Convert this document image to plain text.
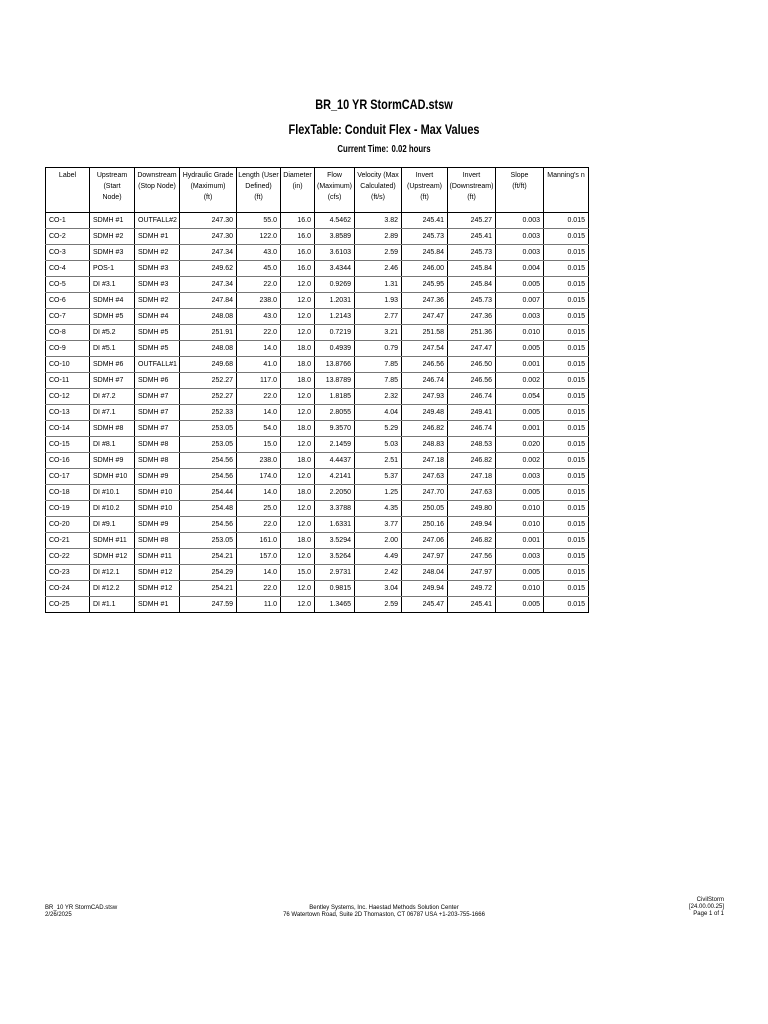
BR_10 YR StormCAD.stsw
FlexTable: Conduit Flex - Max Values
Current Time: 0.02 hours
Label	Upstream (Start
Node)	Downstream
(Stop Node)	Hydraulic Grade
(Maximum)
(ft)	Length (User
Defined)
(ft)	Diameter
(in)	Flow
(Maximum)
(cfs)	Velocity (Max
Calculated)
(ft/s)	Invert
(Upstream)
(ft)	Invert
(Downstream)
(ft)	Slope
(ft/ft)	Manning's n

CO-1	SDMH #1	OUTFALL#2	247.30	55.0	16.0	4.5462	3.82	245.41	245.27	0.003	0.015
CO-2	SDMH #2	SDMH #1	247.30	122.0	16.0	3.8589	2.89	245.73	245.41	0.003	0.015
CO-3	SDMH #3	SDMH #2	247.34	43.0	16.0	3.6103	2.59	245.84	245.73	0.003	0.015
CO-4	POS-1	SDMH #3	249.62	45.0	16.0	3.4344	2.46	246.00	245.84	0.004	0.015
CO-5	DI #3.1	SDMH #3	247.34	22.0	12.0	0.9269	1.31	245.95	245.84	0.005	0.015
CO-6	SDMH #4	SDMH #2	247.84	238.0	12.0	1.2031	1.93	247.36	245.73	0.007	0.015
CO-7	SDMH #5	SDMH #4	248.08	43.0	12.0	1.2143	2.77	247.47	247.36	0.003	0.015
CO-8	DI #5.2	SDMH #5	251.91	22.0	12.0	0.7219	3.21	251.58	251.36	0.010	0.015
CO-9	DI #5.1	SDMH #5	248.08	14.0	18.0	0.4939	0.79	247.54	247.47	0.005	0.015
CO-10	SDMH #6	OUTFALL#1	249.68	41.0	18.0	13.8766	7.85	246.56	246.50	0.001	0.015
CO-11	SDMH #7	SDMH #6	252.27	117.0	18.0	13.8789	7.85	246.74	246.56	0.002	0.015
CO-12	DI #7.2	SDMH #7	252.27	22.0	12.0	1.8185	2.32	247.93	246.74	0.054	0.015
CO-13	DI #7.1	SDMH #7	252.33	14.0	12.0	2.8055	4.04	249.48	249.41	0.005	0.015
CO-14	SDMH #8	SDMH #7	253.05	54.0	18.0	9.3570	5.29	246.82	246.74	0.001	0.015
CO-15	DI #8.1	SDMH #8	253.05	15.0	12.0	2.1459	5.03	248.83	248.53	0.020	0.015
CO-16	SDMH #9	SDMH #8	254.56	238.0	18.0	4.4437	2.51	247.18	246.82	0.002	0.015
CO-17	SDMH #10	SDMH #9	254.56	174.0	12.0	4.2141	5.37	247.63	247.18	0.003	0.015
CO-18	DI #10.1	SDMH #10	254.44	14.0	18.0	2.2050	1.25	247.70	247.63	0.005	0.015
CO-19	DI #10.2	SDMH #10	254.48	25.0	12.0	3.3788	4.35	250.05	249.80	0.010	0.015
CO-20	DI #9.1	SDMH #9	254.56	22.0	12.0	1.6331	3.77	250.16	249.94	0.010	0.015
CO-21	SDMH #11	SDMH #8	253.05	161.0	18.0	3.5294	2.00	247.06	246.82	0.001	0.015
CO-22	SDMH #12	SDMH #11	254.21	157.0	12.0	3.5264	4.49	247.97	247.56	0.003	0.015
CO-23	DI #12.1	SDMH #12	254.29	14.0	15.0	2.9731	2.42	248.04	247.97	0.005	0.015
CO-24	DI #12.2	SDMH #12	254.21	22.0	12.0	0.9815	3.04	249.94	249.72	0.010	0.015
CO-25	DI #1.1	SDMH #1	247.59	11.0	12.0	1.3465	2.59	245.47	245.41	0.005	0.015
BR_10 YR StormCAD.stsw
2/26/2025
Bentley Systems, Inc. Haestad Methods Solution Center
76 Watertown Road, Suite 2D Thomaston, CT 06787 USA +1-203-755-1666
CivilStorm
[24.00.00.25]
Page 1 of 1
